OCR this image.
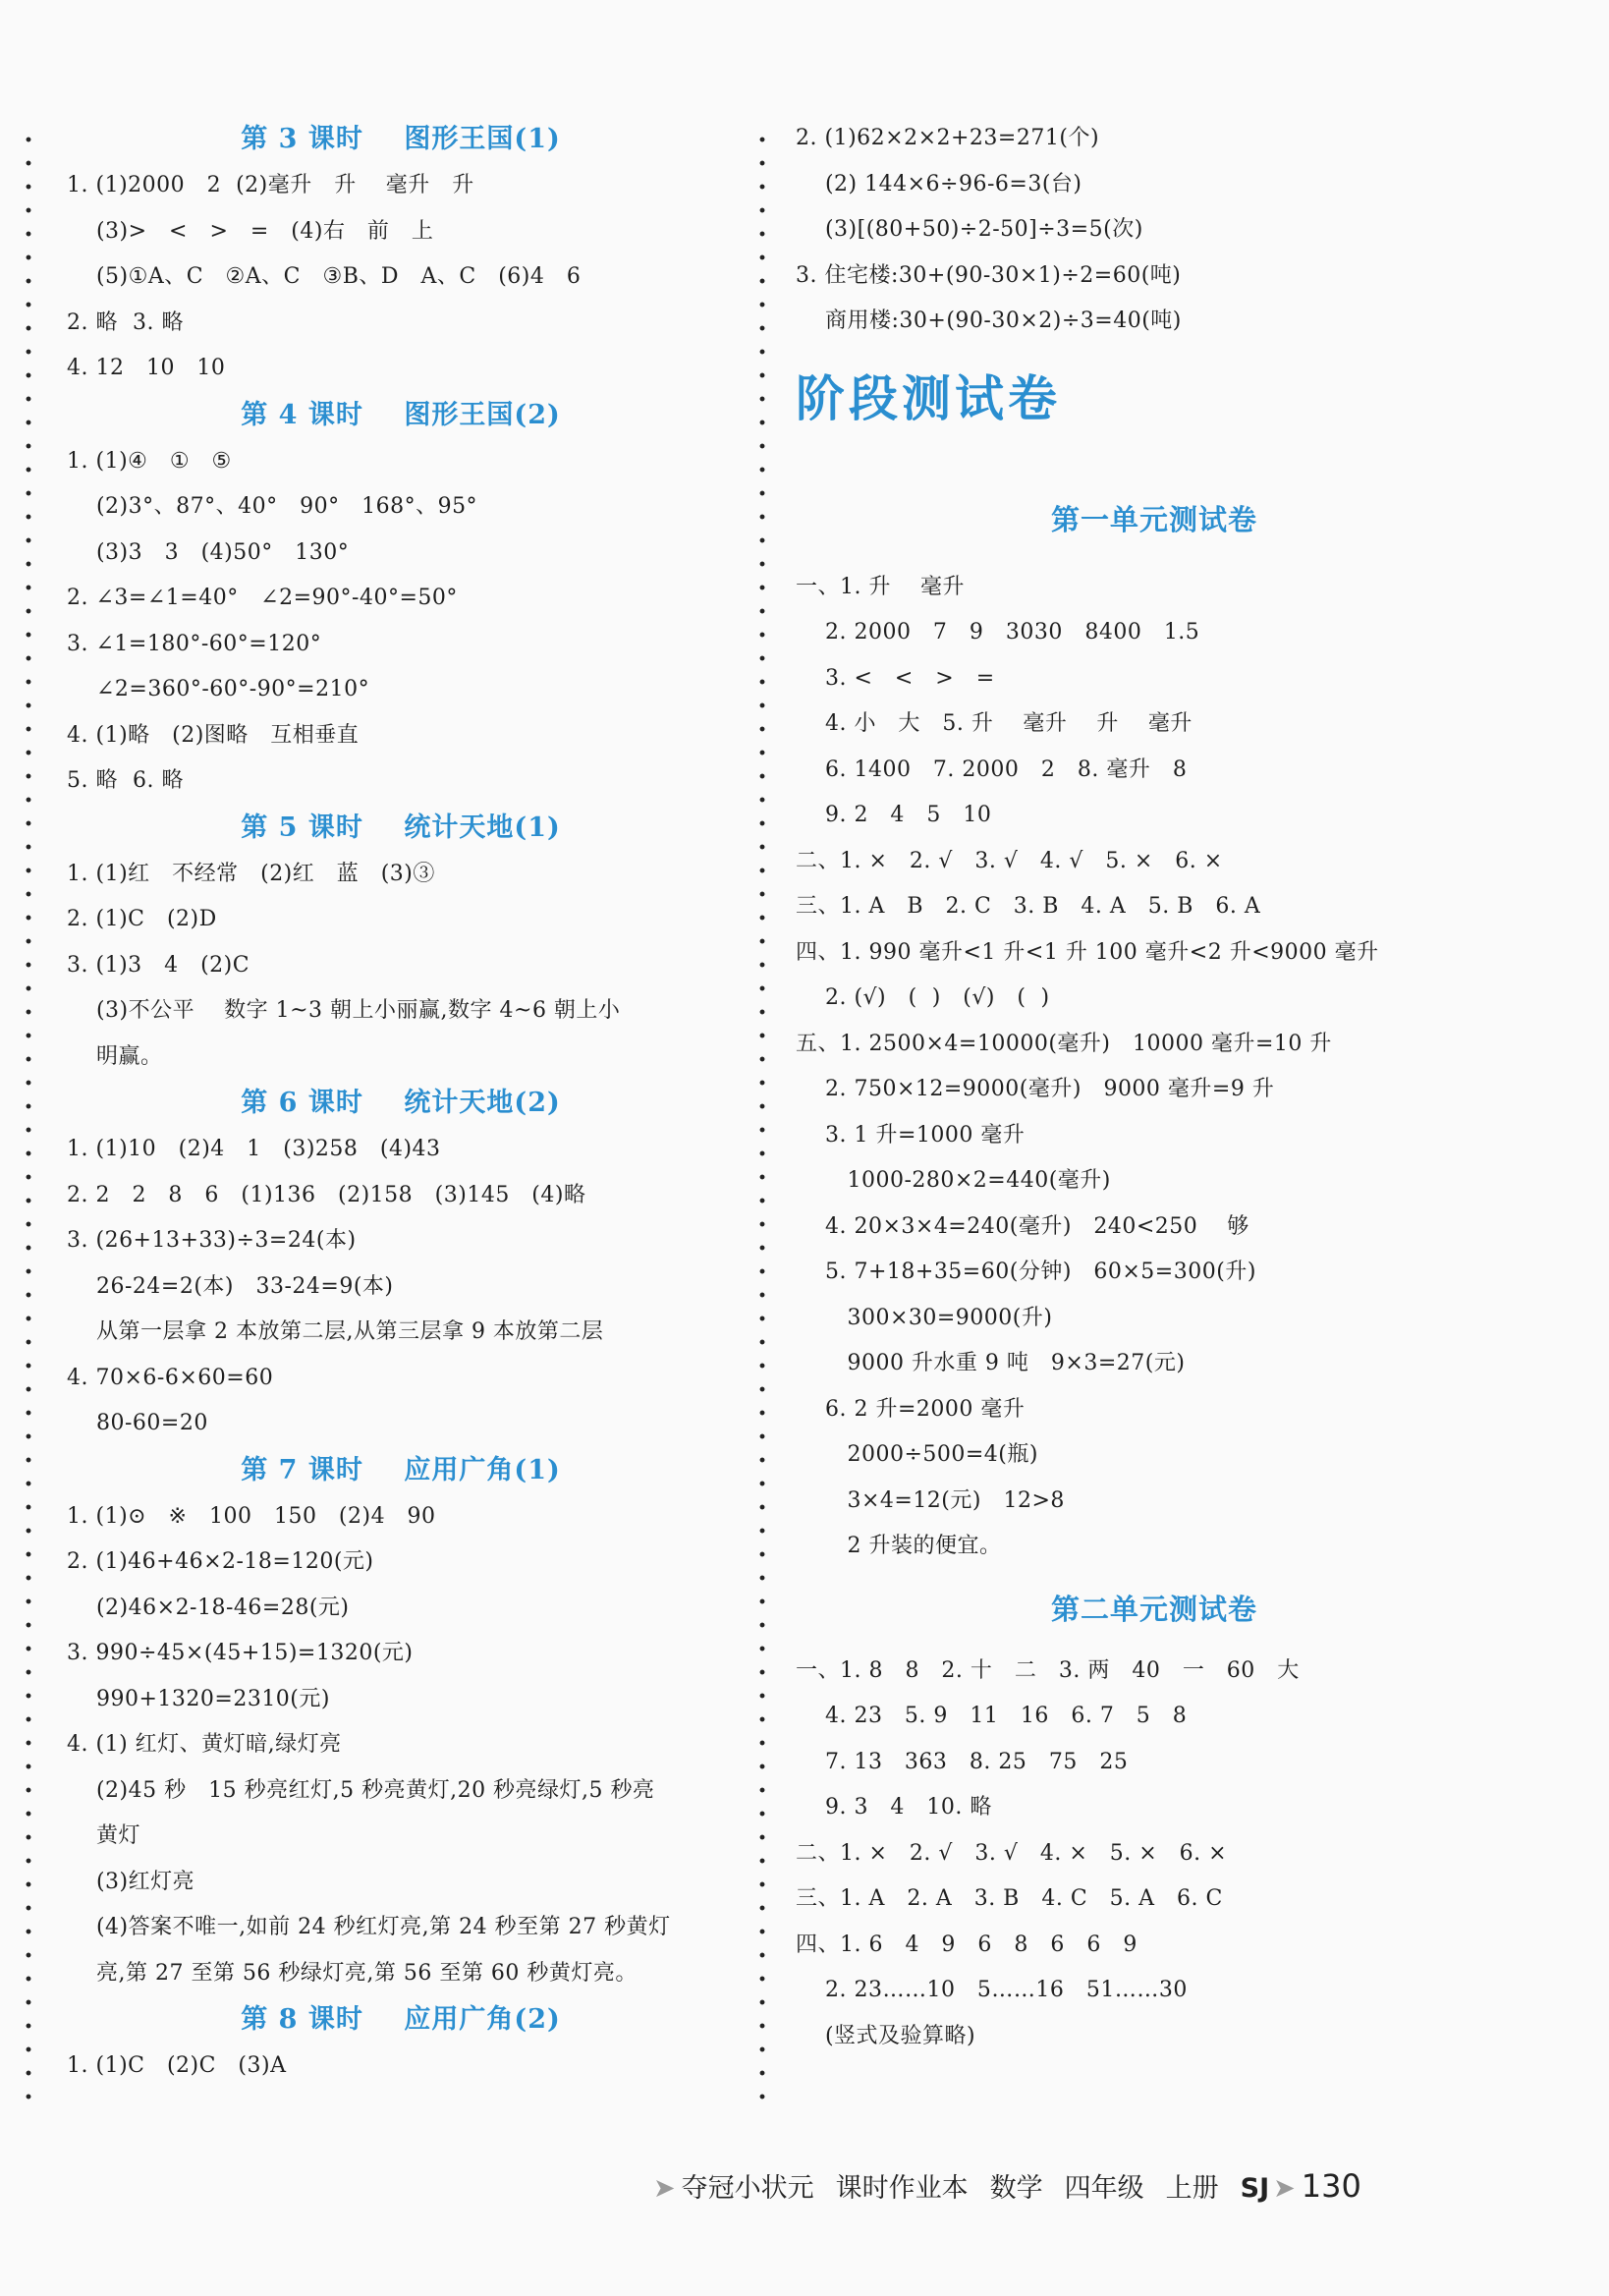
第 3 课时    图形王国(1)
1. (1)2000   2  (2)毫升   升    毫升   升
(3)>   <   >   =   (4)右   前   上
(5)①A、C   ②A、C   ③B、D   A、C   (6)4   6
2. 略  3. 略
4. 12   10   10
第 4 课时    图形王国(2)
1. (1)④   ①   ⑤
(2)3°、87°、40°   90°   168°、95°
(3)3   3   (4)50°   130°
2. ∠3=∠1=40°   ∠2=90°-40°=50°
3. ∠1=180°-60°=120°
∠2=360°-60°-90°=210°
4. (1)略   (2)图略   互相垂直
5. 略  6. 略
第 5 课时    统计天地(1)
1. (1)红   不经常   (2)红   蓝   (3)③
2. (1)C   (2)D
3. (1)3   4   (2)C
(3)不公平    数字 1~3 朝上小丽赢,数字 4~6 朝上小
明赢。
第 6 课时    统计天地(2)
1. (1)10   (2)4   1   (3)258   (4)43
2. 2   2   8   6   (1)136   (2)158   (3)145   (4)略
3. (26+13+33)÷3=24(本)
26-24=2(本)   33-24=9(本)
从第一层拿 2 本放第二层,从第三层拿 9 本放第二层
4. 70×6-6×60=60
80-60=20
第 7 课时    应用广角(1)
1. (1)⊙   ※   100   150   (2)4   90
2. (1)46+46×2-18=120(元)
(2)46×2-18-46=28(元)
3. 990÷45×(45+15)=1320(元)
990+1320=2310(元)
4. (1) 红灯、黄灯暗,绿灯亮
(2)45 秒   15 秒亮红灯,5 秒亮黄灯,20 秒亮绿灯,5 秒亮
黄灯
(3)红灯亮
(4)答案不唯一,如前 24 秒红灯亮,第 24 秒至第 27 秒黄灯
亮,第 27 至第 56 秒绿灯亮,第 56 至第 60 秒黄灯亮。
第 8 课时    应用广角(2)
1. (1)C   (2)C   (3)A
2. (1)62×2×2+23=271(个)
(2) 144×6÷96-6=3(台)
(3)[(80+50)÷2-50]÷3=5(次)
3. 住宅楼:30+(90-30×1)÷2=60(吨)
商用楼:30+(90-30×2)÷3=40(吨)
阶段测试卷
第一单元测试卷
一、1. 升    毫升
2. 2000   7   9   3030   8400   1.5
3. <   <   >   =
4. 小   大   5. 升    毫升    升    毫升
6. 1400   7. 2000   2   8. 毫升   8
9. 2   4   5   10
二、1. ×   2. √   3. √   4. √   5. ×   6. ×
三、1. A   B   2. C   3. B   4. A   5. B   6. A
四、1. 990 毫升<1 升<1 升 100 毫升<2 升<9000 毫升
2. (√)   (  )   (√)   (  )
五、1. 2500×4=10000(毫升)   10000 毫升=10 升
2. 750×12=9000(毫升)   9000 毫升=9 升
3. 1 升=1000 毫升
1000-280×2=440(毫升)
4. 20×3×4=240(毫升)   240<250    够
5. 7+18+35=60(分钟)   60×5=300(升)
300×30=9000(升)
9000 升水重 9 吨   9×3=27(元)
6. 2 升=2000 毫升
2000÷500=4(瓶)
3×4=12(元)   12>8
2 升装的便宜。
第二单元测试卷
一、1. 8   8   2. 十   二   3. 两   40   一   60   大
4. 23   5. 9   11   16   6. 7   5   8
7. 13   363   8. 25   75   25
9. 3   4   10. 略
二、1. ×   2. √   3. √   4. ×   5. ×   6. ×
三、1. A   2. A   3. B   4. C   5. A   6. C
四、1. 6   4   9   6   8   6   6   9
2. 23……10   5……16   51……30
(竖式及验算略)
➤ 夺冠小状元 课时作业本 数学 四年级 上册 SJ ➤ 130
